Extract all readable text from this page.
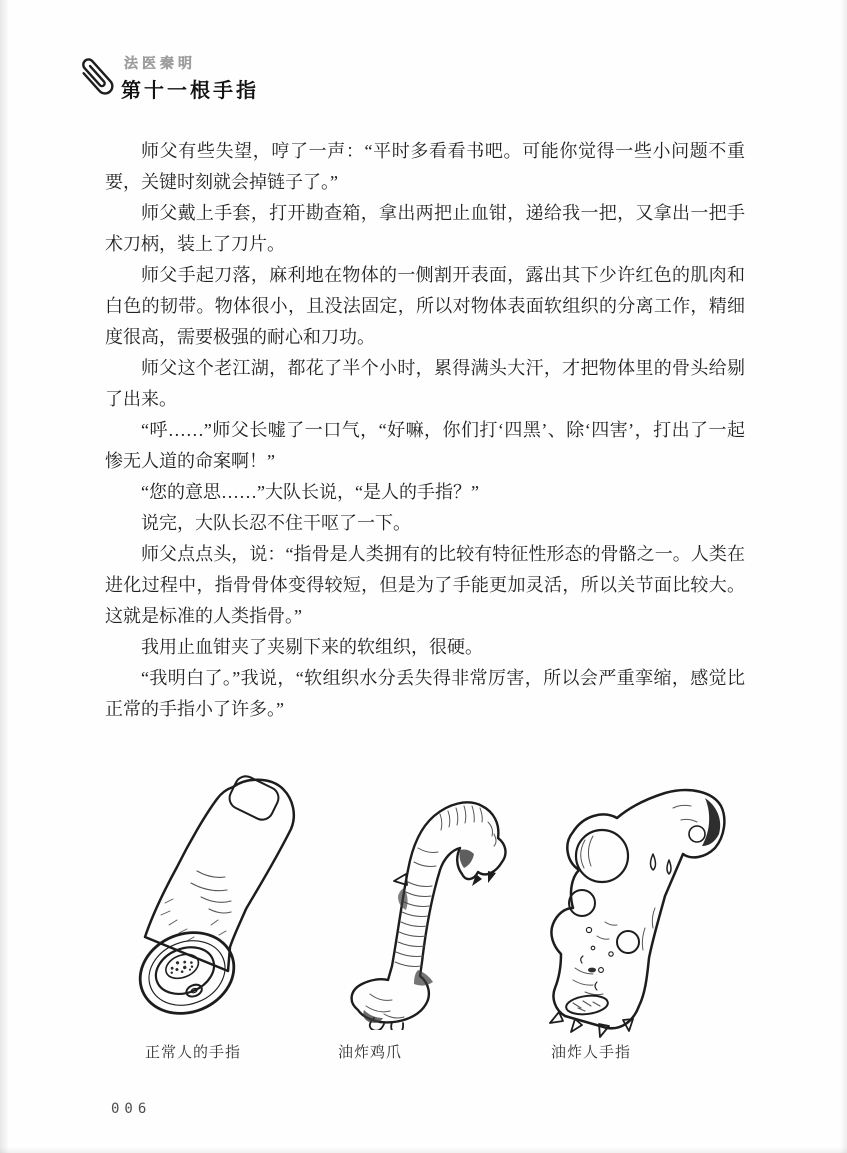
法医秦明
第十一根手指

师父有些失望，哼了一声：“平时多看看书吧。可能你觉得一些小问题不重要，关键时刻就会掉链子了。”

师父戴上手套，打开勘查箱，拿出两把止血钳，递给我一把，又拿出一把手术刀柄，装上了刀片。

师父手起刀落，麻利地在物体的一侧割开表面，露出其下少许红色的肌肉和白色的韧带。物体很小，且没法固定，所以对物体表面软组织的分离工作，精细度很高，需要极强的耐心和刀功。

师父这个老江湖，都花了半个小时，累得满头大汗，才把物体里的骨头给剔了出来。

“呼……”师父长嘘了一口气，“好嘛，你们打‘四黑’、除‘四害’，打出了一起惨无人道的命案啊！”

“您的意思……”大队长说，“是人的手指？”

说完，大队长忍不住干呕了一下。

师父点点头，说：“指骨是人类拥有的比较有特征性形态的骨骼之一。人类在进化过程中，指骨骨体变得较短，但是为了手能更加灵活，所以关节面比较大。这就是标准的人类指骨。”

我用止血钳夹了夹剔下来的软组织，很硬。

“我明白了。”我说，“软组织水分丢失得非常厉害，所以会严重挛缩，感觉比正常的手指小了许多。”

正常人的手指	油炸鸡爪	油炸人手指
006
